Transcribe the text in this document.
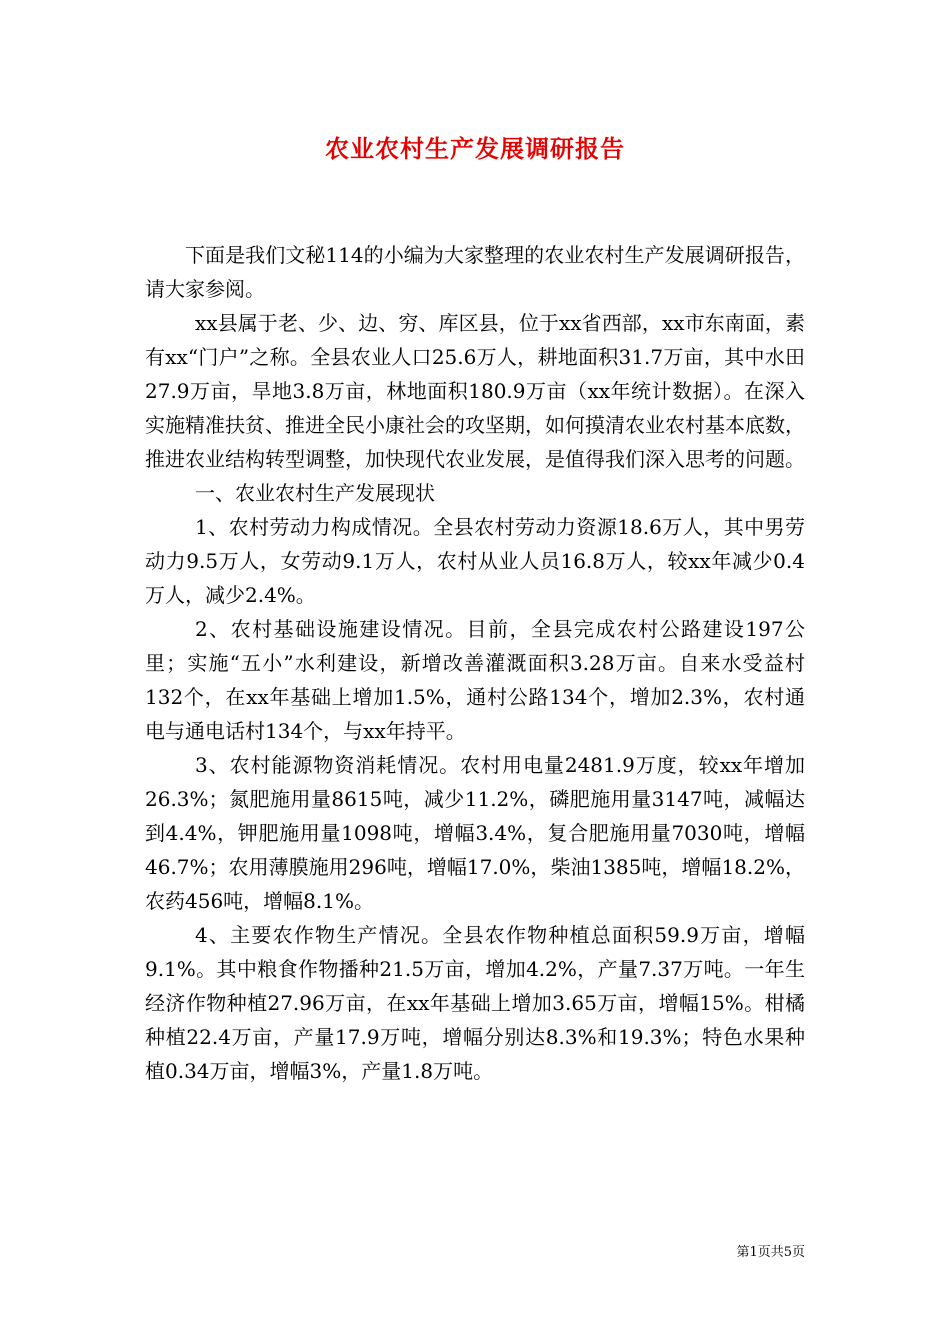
农业农村生产发展调研报告

下面是我们文秘114的小编为大家整理的农业农村生产发展调研报告，请大家参阅。

xx县属于老、少、边、穷、库区县，位于xx省西部，xx市东南面，素有xx“门户”之称。全县农业人口25.6万人，耕地面积31.7万亩，其中水田27.9万亩，旱地3.8万亩，林地面积180.9万亩（xx年统计数据）。在深入实施精准扶贫、推进全民小康社会的攻坚期，如何摸清农业农村基本底数，推进农业结构转型调整，加快现代农业发展，是值得我们深入思考的问题。

一、农业农村生产发展现状

1、农村劳动力构成情况。全县农村劳动力资源18.6万人，其中男劳动力9.5万人，女劳动9.1万人，农村从业人员16.8万人，较xx年减少0.4万人，减少2.4%。

2、农村基础设施建设情况。目前，全县完成农村公路建设197公里；实施“五小”水利建设，新增改善灌溉面积3.28万亩。自来水受益村132个，在xx年基础上增加1.5%，通村公路134个，增加2.3%，农村通电与通电话村134个，与xx年持平。

3、农村能源物资消耗情况。农村用电量2481.9万度，较xx年增加26.3%；氮肥施用量8615吨，减少11.2%，磷肥施用量3147吨，减幅达到4.4%，钾肥施用量1098吨，增幅3.4%，复合肥施用量7030吨，增幅46.7%；农用薄膜施用296吨，增幅17.0%，柴油1385吨，增幅18.2%，农药456吨，增幅8.1%。

4、主要农作物生产情况。全县农作物种植总面积59.9万亩，增幅9.1%。其中粮食作物播种21.5万亩，增加4.2%，产量7.37万吨。一年生经济作物种植27.96万亩，在xx年基础上增加3.65万亩，增幅15%。柑橘种植22.4万亩，产量17.9万吨，增幅分别达8.3%和19.3%；特色水果种植0.34万亩，增幅3%，产量1.8万吨。

第1页共5页
